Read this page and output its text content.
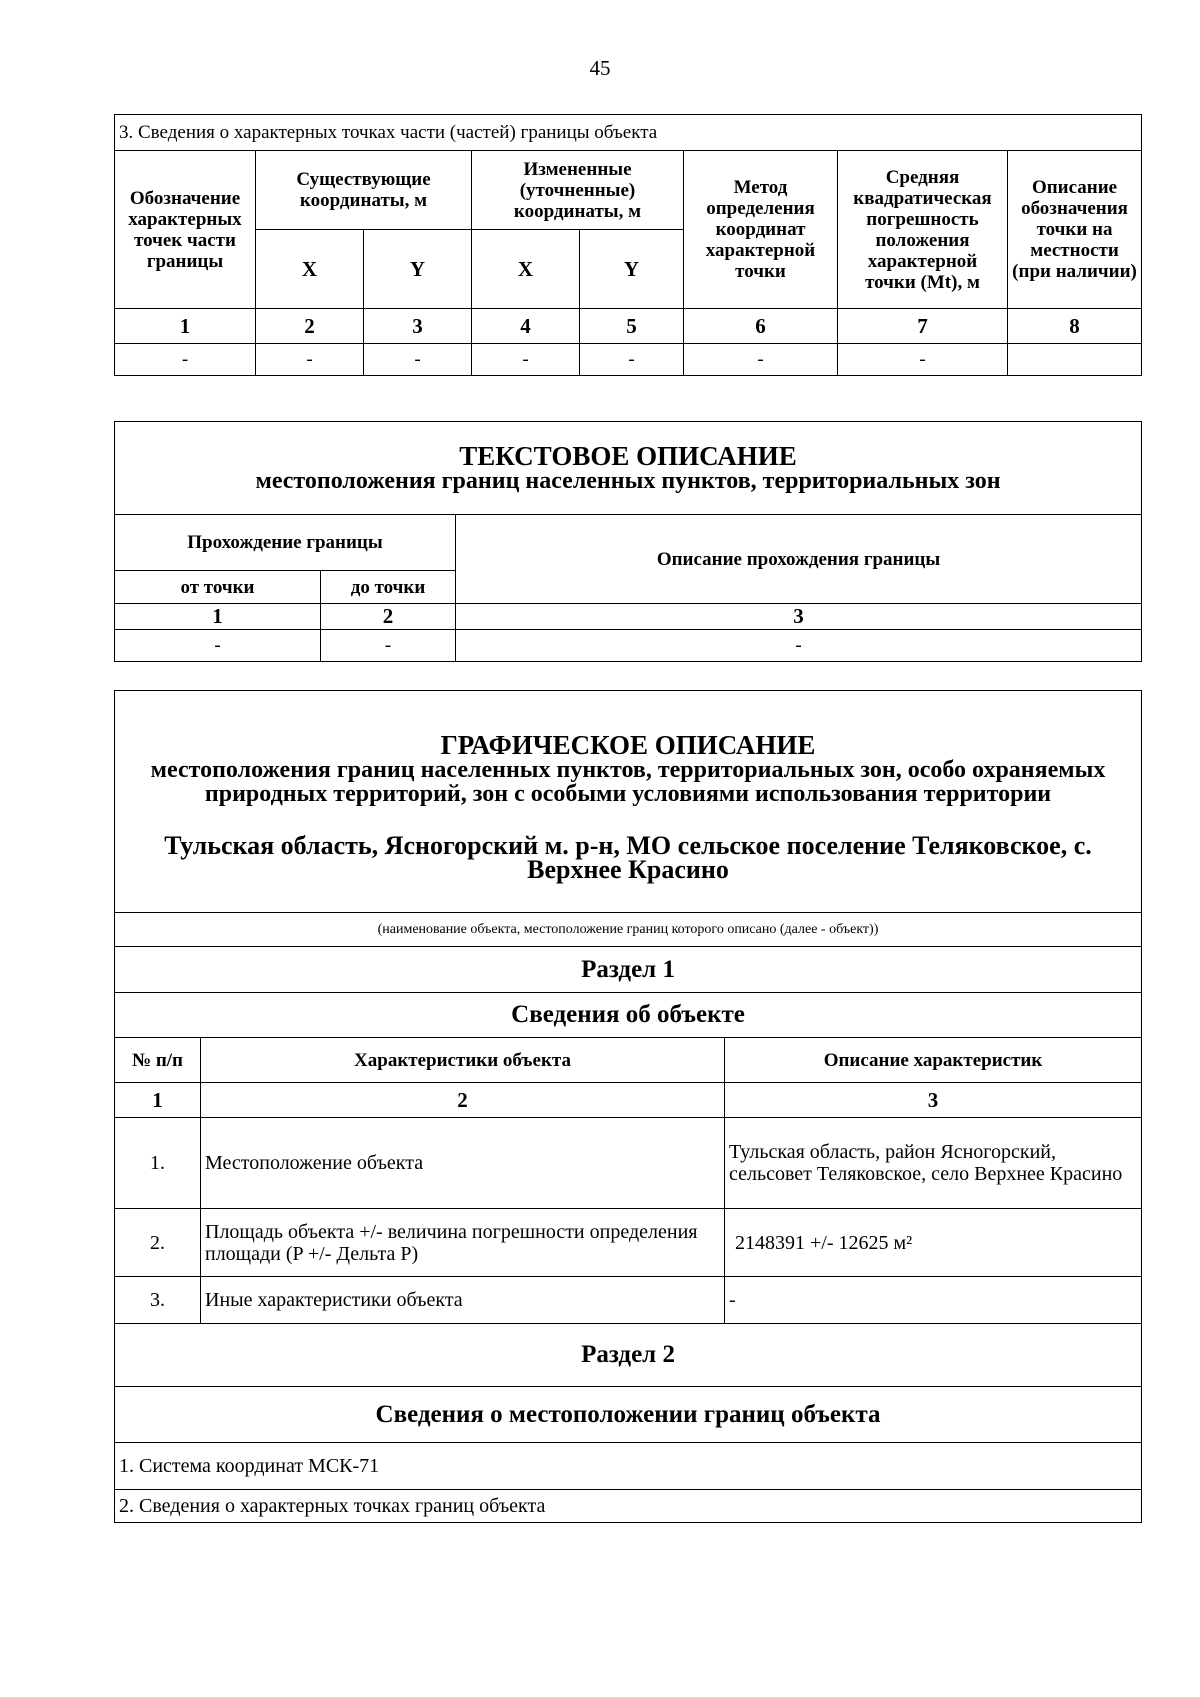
45
3. Сведения о характерных точках части (частей) границы объекта							
Обозначение характерных точек части границы	Существующие координаты, м		Измененные (уточненные) координаты, м		Метод определения координат характерной точки	Средняя квадратическая погрешность положения характерной точки (Mt), м	Описание обозначения точки на местности (при наличии)
	X	Y	X	Y			
1	2	3	4	5	6	7	8
-	-	-	-	-	-	-	
ТЕКСТОВОЕ ОПИСАНИЕ
местоположения границ населенных пунктов, территориальных зон		

Прохождение границы		Описание прохождения границы
от точки	до точки	
1	2	3
-	-	-
ГРАФИЧЕСКОЕ ОПИСАНИЕ
местоположения границ населенных пунктов, территориальных зон, особо охраняемых природных территорий, зон с особыми условиями использования территории
Тульская область, Ясногорский м. р-н, МО сельское поселение Теляковское, с. Верхнее Красино		

(наименование объекта, местоположение границ которого описано (далее - объект))		
Раздел 1		
Сведения об объекте		
№ п/п	Характеристики объекта	Описание характеристик
1	2	3
1.	Местоположение объекта	Тульская область, район Ясногорский, сельсовет Теляковское, село Верхнее Красино
2.	Площадь объекта +/- величина погрешности определения площади (P +/- Дельта P)	2148391 +/- 12625 м²
3.	Иные характеристики объекта	-
Раздел 2		
Сведения о местоположении границ объекта		
1. Система координат МСК-71		
2. Сведения о характерных точках границ объекта		
